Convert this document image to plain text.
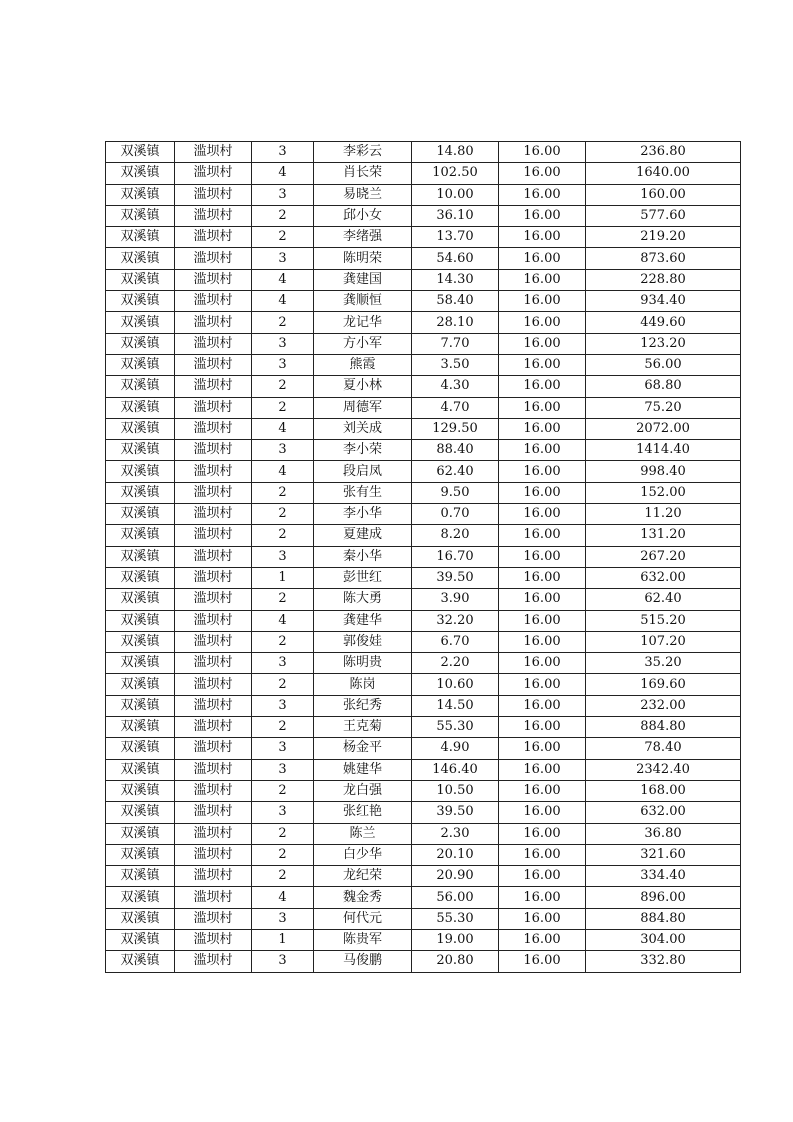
双溪镇	滥坝村	3	李彩云	14.80	16.00	236.80
双溪镇	滥坝村	4	肖长荣	102.50	16.00	1640.00
双溪镇	滥坝村	3	易晓兰	10.00	16.00	160.00
双溪镇	滥坝村	2	邱小女	36.10	16.00	577.60
双溪镇	滥坝村	2	李绪强	13.70	16.00	219.20
双溪镇	滥坝村	3	陈明荣	54.60	16.00	873.60
双溪镇	滥坝村	4	龚建国	14.30	16.00	228.80
双溪镇	滥坝村	4	龚顺恒	58.40	16.00	934.40
双溪镇	滥坝村	2	龙记华	28.10	16.00	449.60
双溪镇	滥坝村	3	方小军	7.70	16.00	123.20
双溪镇	滥坝村	3	熊霞	3.50	16.00	56.00
双溪镇	滥坝村	2	夏小林	4.30	16.00	68.80
双溪镇	滥坝村	2	周德军	4.70	16.00	75.20
双溪镇	滥坝村	4	刘关成	129.50	16.00	2072.00
双溪镇	滥坝村	3	李小荣	88.40	16.00	1414.40
双溪镇	滥坝村	4	段启凤	62.40	16.00	998.40
双溪镇	滥坝村	2	张有生	9.50	16.00	152.00
双溪镇	滥坝村	2	李小华	0.70	16.00	11.20
双溪镇	滥坝村	2	夏建成	8.20	16.00	131.20
双溪镇	滥坝村	3	秦小华	16.70	16.00	267.20
双溪镇	滥坝村	1	彭世红	39.50	16.00	632.00
双溪镇	滥坝村	2	陈大勇	3.90	16.00	62.40
双溪镇	滥坝村	4	龚建华	32.20	16.00	515.20
双溪镇	滥坝村	2	郭俊娃	6.70	16.00	107.20
双溪镇	滥坝村	3	陈明贵	2.20	16.00	35.20
双溪镇	滥坝村	2	陈岗	10.60	16.00	169.60
双溪镇	滥坝村	3	张纪秀	14.50	16.00	232.00
双溪镇	滥坝村	2	王克菊	55.30	16.00	884.80
双溪镇	滥坝村	3	杨金平	4.90	16.00	78.40
双溪镇	滥坝村	3	姚建华	146.40	16.00	2342.40
双溪镇	滥坝村	2	龙白强	10.50	16.00	168.00
双溪镇	滥坝村	3	张红艳	39.50	16.00	632.00
双溪镇	滥坝村	2	陈兰	2.30	16.00	36.80
双溪镇	滥坝村	2	白少华	20.10	16.00	321.60
双溪镇	滥坝村	2	龙纪荣	20.90	16.00	334.40
双溪镇	滥坝村	4	魏金秀	56.00	16.00	896.00
双溪镇	滥坝村	3	何代元	55.30	16.00	884.80
双溪镇	滥坝村	1	陈贵军	19.00	16.00	304.00
双溪镇	滥坝村	3	马俊鹏	20.80	16.00	332.80
